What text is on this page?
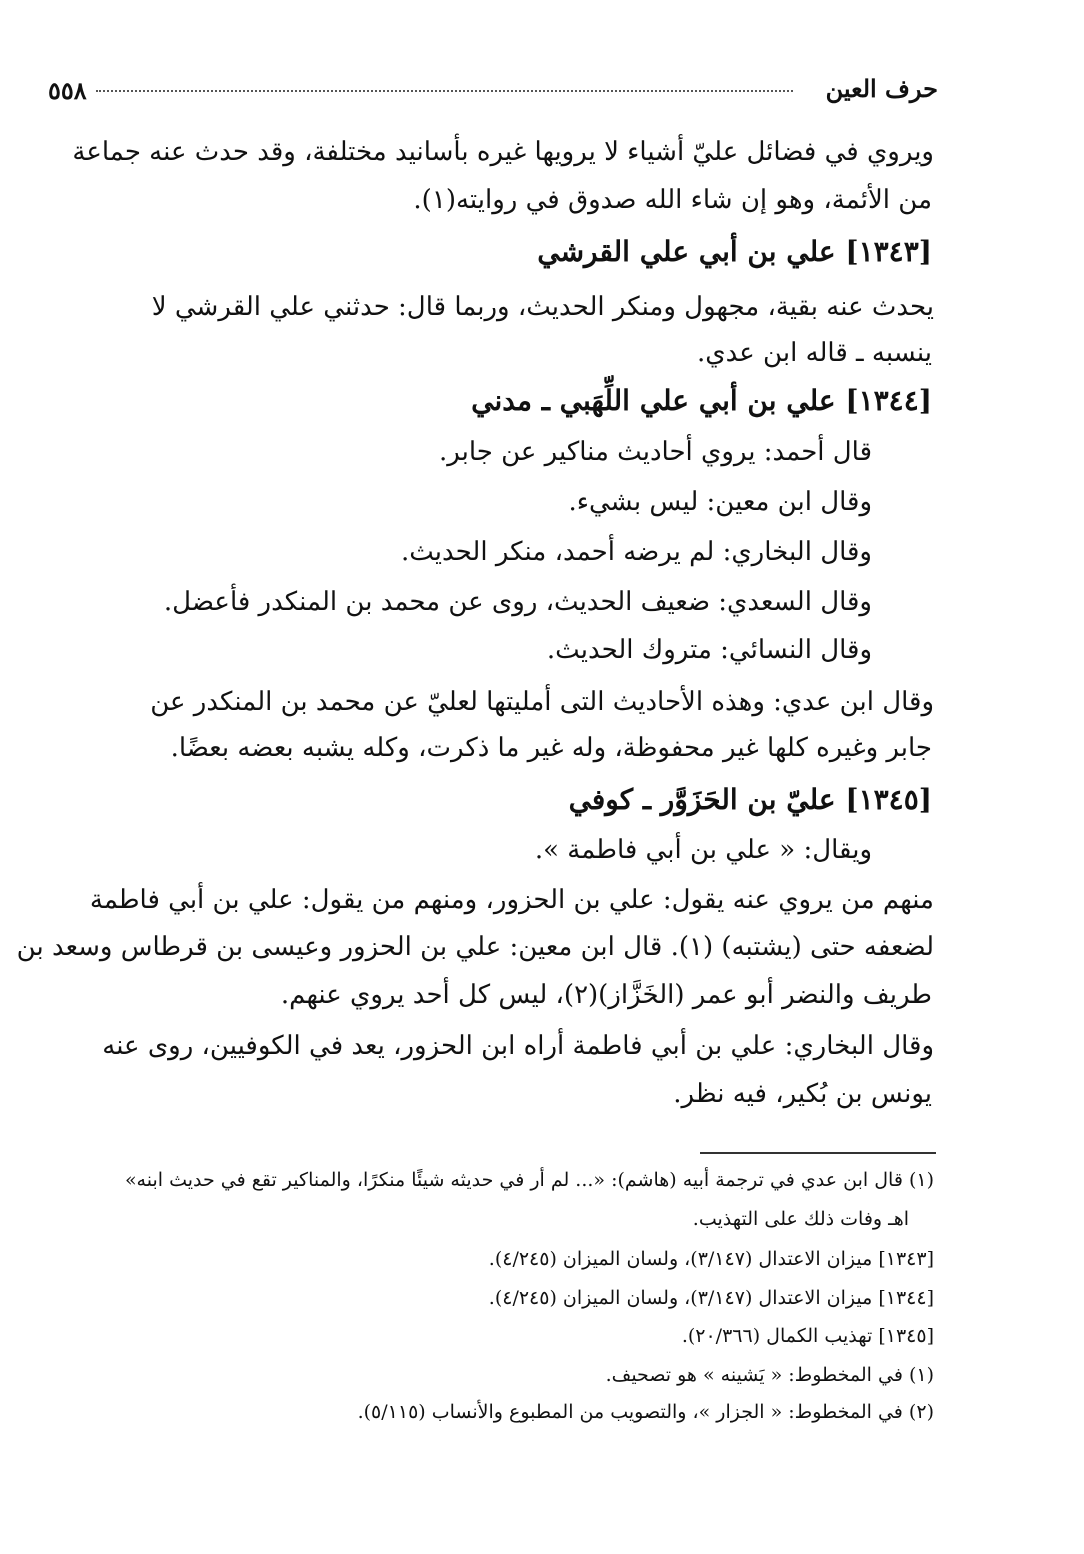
٥٥٨	حرف العين
ويروي في فضائل عليّ أشياء لا يرويها غيره بأسانيد مختلفة، وقد حدث عنه جماعة
من الأئمة، وهو إن شاء الله صدوق في روايته(١).
[١٣٤٣] علي بن أبي علي القرشي
يحدث عنه بقية، مجهول ومنكر الحديث، وربما قال: حدثني علي القرشي لا
ينسبه ـ قاله ابن عدي.
[١٣٤٤] علي بن أبي علي اللِّهَبي ـ مدني
قال أحمد: يروي أحاديث مناكير عن جابر.
وقال ابن معين: ليس بشيء.
وقال البخاري: لم يرضه أحمد، منكر الحديث.
وقال السعدي: ضعيف الحديث، روى عن محمد بن المنكدر فأعضل.
وقال النسائي: متروك الحديث.
وقال ابن عدي: وهذه الأحاديث التى أمليتها لعليّ عن محمد بن المنكدر عن
جابر وغيره كلها غير محفوظة، وله غير ما ذكرت، وكله يشبه بعضه بعضًا.
[١٣٤٥] عليّ بن الحَزَوَّر ـ كوفي
ويقال: « علي بن أبي فاطمة ».
منهم من يروي عنه يقول: علي بن الحزور، ومنهم من يقول: علي بن أبي فاطمة
لضعفه حتى (يشتبه) (١). قال ابن معين: علي بن الحزور وعيسى بن قرطاس وسعد بن
طريف والنضر أبو عمر (الخَزَّاز)(٢)، ليس كل أحد يروي عنهم.
وقال البخاري: علي بن أبي فاطمة أراه ابن الحزور، يعد في الكوفيين، روى عنه
يونس بن بُكير، فيه نظر.
(١) قال ابن عدي في ترجمة أبيه (هاشم): «... لم أر في حديثه شيئًا منكرًا، والمناكير تقع في حديث ابنه»
اهـ وفات ذلك على التهذيب.
[١٣٤٣] ميزان الاعتدال (٣/١٤٧)، ولسان الميزان (٤/٢٤٥).
[١٣٤٤] ميزان الاعتدال (٣/١٤٧)، ولسان الميزان (٤/٢٤٥).
[١٣٤٥] تهذيب الكمال (٢٠/٣٦٦).
(١) في المخطوط: « يَشينه » هو تصحيف.
(٢) في المخطوط: « الجزار »، والتصويب من المطبوع والأنساب (٥/١١٥).
